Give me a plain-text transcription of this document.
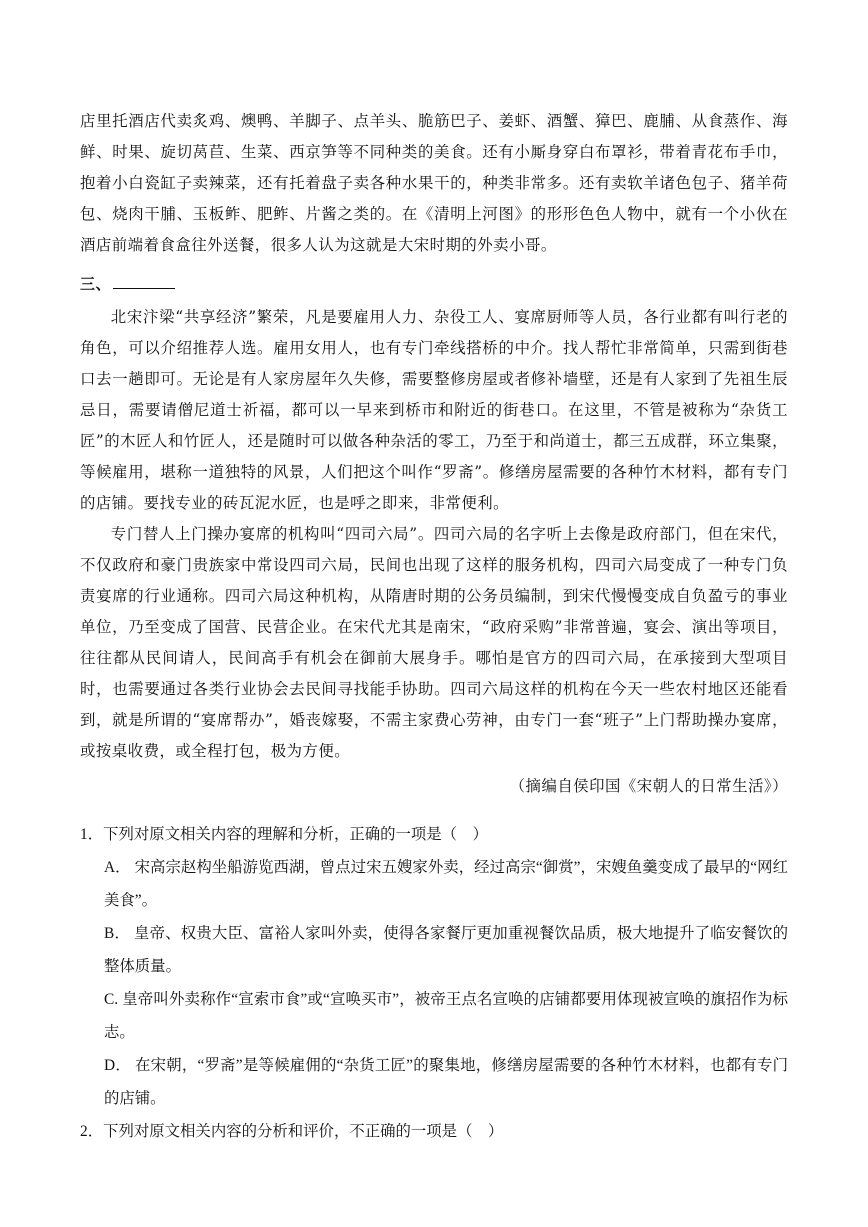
店里托酒店代卖炙鸡、燠鸭、羊脚子、点羊头、脆筋巴子、姜虾、酒蟹、獐巴、鹿脯、从食蒸作、海鲜、时果、旋切莴苣、生菜、西京笋等不同种类的美食。还有小厮身穿白布罩衫，带着青花布手巾，抱着小白瓷缸子卖辣菜，还有托着盘子卖各种水果干的，种类非常多。还有卖软羊诸色包子、猪羊荷包、烧肉干脯、玉板鲊、肥鲊、片酱之类的。在《清明上河图》的形形色色人物中，就有一个小伙在酒店前端着食盒往外送餐，很多人认为这就是大宋时期的外卖小哥。

三、

北宋汴梁“共享经济”繁荣，凡是要雇用人力、杂役工人、宴席厨师等人员，各行业都有叫行老的角色，可以介绍推荐人选。雇用女用人，也有专门牵线搭桥的中介。找人帮忙非常简单，只需到街巷口去一趟即可。无论是有人家房屋年久失修，需要整修房屋或者修补墙壁，还是有人家到了先祖生辰忌日，需要请僧尼道士祈福，都可以一早来到桥市和附近的街巷口。在这里，不管是被称为“杂货工匠”的木匠人和竹匠人，还是随时可以做各种杂活的零工，乃至于和尚道士，都三五成群，环立集聚，等候雇用，堪称一道独特的风景，人们把这个叫作“罗斋”。修缮房屋需要的各种竹木材料，都有专门的店铺。要找专业的砖瓦泥水匠，也是呼之即来，非常便利。

专门替人上门操办宴席的机构叫“四司六局”。四司六局的名字听上去像是政府部门，但在宋代，不仅政府和豪门贵族家中常设四司六局，民间也出现了这样的服务机构，四司六局变成了一种专门负责宴席的行业通称。四司六局这种机构，从隋唐时期的公务员编制，到宋代慢慢变成自负盈亏的事业单位，乃至变成了国营、民营企业。在宋代尤其是南宋，“政府采购”非常普遍，宴会、演出等项目，往往都从民间请人，民间高手有机会在御前大展身手。哪怕是官方的四司六局，在承接到大型项目时，也需要通过各类行业协会去民间寻找能手协助。四司六局这样的机构在今天一些农村地区还能看到，就是所谓的“宴席帮办”，婚丧嫁娶，不需主家费心劳神，由专门一套“班子”上门帮助操办宴席，或按桌收费，或全程打包，极为方便。

（摘编自侯印国《宋朝人的日常生活》）

1．下列对原文相关内容的理解和分析，正确的一项是（　）

A． 宋高宗赵构坐船游览西湖，曾点过宋五嫂家外卖，经过高宗“御赏”，宋嫂鱼羹变成了最早的“网红美食”。

B． 皇帝、权贵大臣、富裕人家叫外卖，使得各家餐厅更加重视餐饮品质，极大地提升了临安餐饮的整体质量。

C. 皇帝叫外卖称作“宣索市食”或“宣唤买市”，被帝王点名宣唤的店铺都要用体现被宣唤的旗招作为标志。

D． 在宋朝，“罗斋”是等候雇佣的“杂货工匠”的聚集地，修缮房屋需要的各种竹木材料，也都有专门的店铺。

2．下列对原文相关内容的分析和评价，不正确的一项是（　）
